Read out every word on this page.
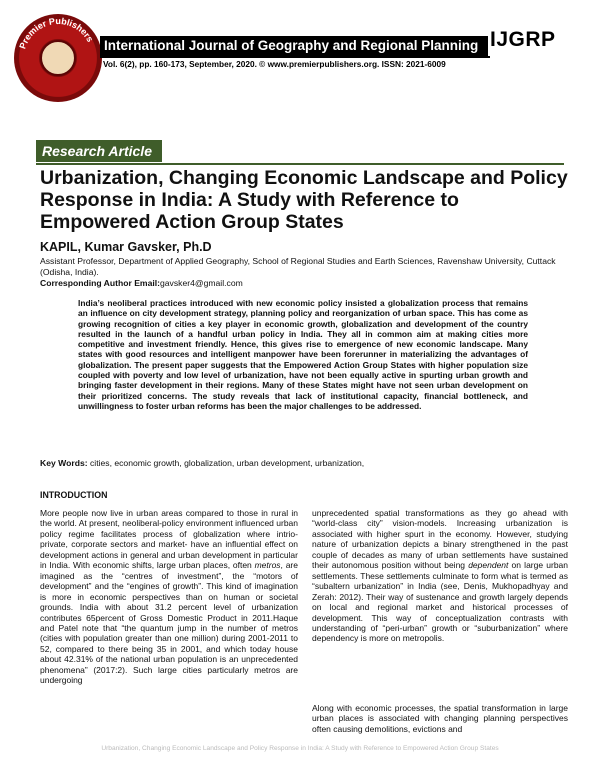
Premier Publishers International Journal of Geography and Regional Planning IJGRP
Vol. 6(2), pp. 160-173, September, 2020. © www.premierpublishers.org. ISSN: 2021-6009
Research Article
Urbanization, Changing Economic Landscape and Policy Response in India: A Study with Reference to Empowered Action Group States
KAPIL, Kumar Gavsker, Ph.D
Assistant Professor, Department of Applied Geography, School of Regional Studies and Earth Sciences, Ravenshaw University, Cuttack (Odisha, India).
Corresponding Author Email:gavsker4@gmail.com
India’s neoliberal practices introduced with new economic policy insisted a globalization process that remains an influence on city development strategy, planning policy and reorganization of urban space. This has come as growing recognition of cities a key player in economic growth, globalization and development of the country resulted in the launch of a handful urban policy in India. They all in common aim at making cities more competitive and investment friendly. Hence, this gives rise to emergence of new economic landscape. Many states with good resources and intelligent manpower have been forerunner in materializing the advantages of globalization. The present paper suggests that the Empowered Action Group States with higher population size coupled with poverty and low level of urbanization, have not been equally active in spurting urban growth and bringing faster development in their regions. Many of these States might have not seen urban development on their prioritized concerns. The study reveals that lack of institutional capacity, financial bottleneck, and unwillingness to foster urban reforms has been the major challenges to be addressed.
Key Words: cities, economic growth, globalization, urban development, urbanization,
INTRODUCTION
More people now live in urban areas compared to those in rural in the world. At present, neoliberal-policy environment influenced urban policy regime facilitates process of globalization where intrio- private, corporate sectors and market- have an influential effect on development actions in general and urban development in particular in India. With economic shifts, large urban places, often metros, are imagined as the “centres of investment”, the “motors of development” and the “engines of growth”. This kind of imagination is more in economic perspectives than on human or societal grounds. India with about 31.2 percent level of urbanization contributes 65percent of Gross Domestic Product in 2011.Haque and Patel note that “the quantum jump in the number of metros (cities with population greater than one million) during 2001-2011 to 52, compared to there being 35 in 2001, and which today house about 42.31% of the national urban population is an unprecedented phenomena” (2017:2). Such large cities particularly metros are undergoing
unprecedented spatial transformations as they go ahead with “world-class city” vision-models. Increasing urbanization is associated with higher spurt in the economy. However, studying nature of urbanization depicts a binary strengthened in the past couple of decades as many of urban settlements have sustained their autonomous position without being dependent on large urban settlements. These settlements culminate to form what is termed as “subaltern urbanization” in India (see, Denis, Mukhopadhyay and Zerah: 2012). Their way of sustenance and growth largely depends on local and regional market and historical processes of development. This way of conceptualization contrasts with understanding of “peri-urban” growth or “suburbanization” where dependency is more on metropolis.
Along with economic processes, the spatial transformation in large urban places is associated with changing planning perspectives often causing demolitions, evictions and
Urbanization, Changing Economic Landscape and Policy Response in India: A Study with Reference to Empowered Action Group States
